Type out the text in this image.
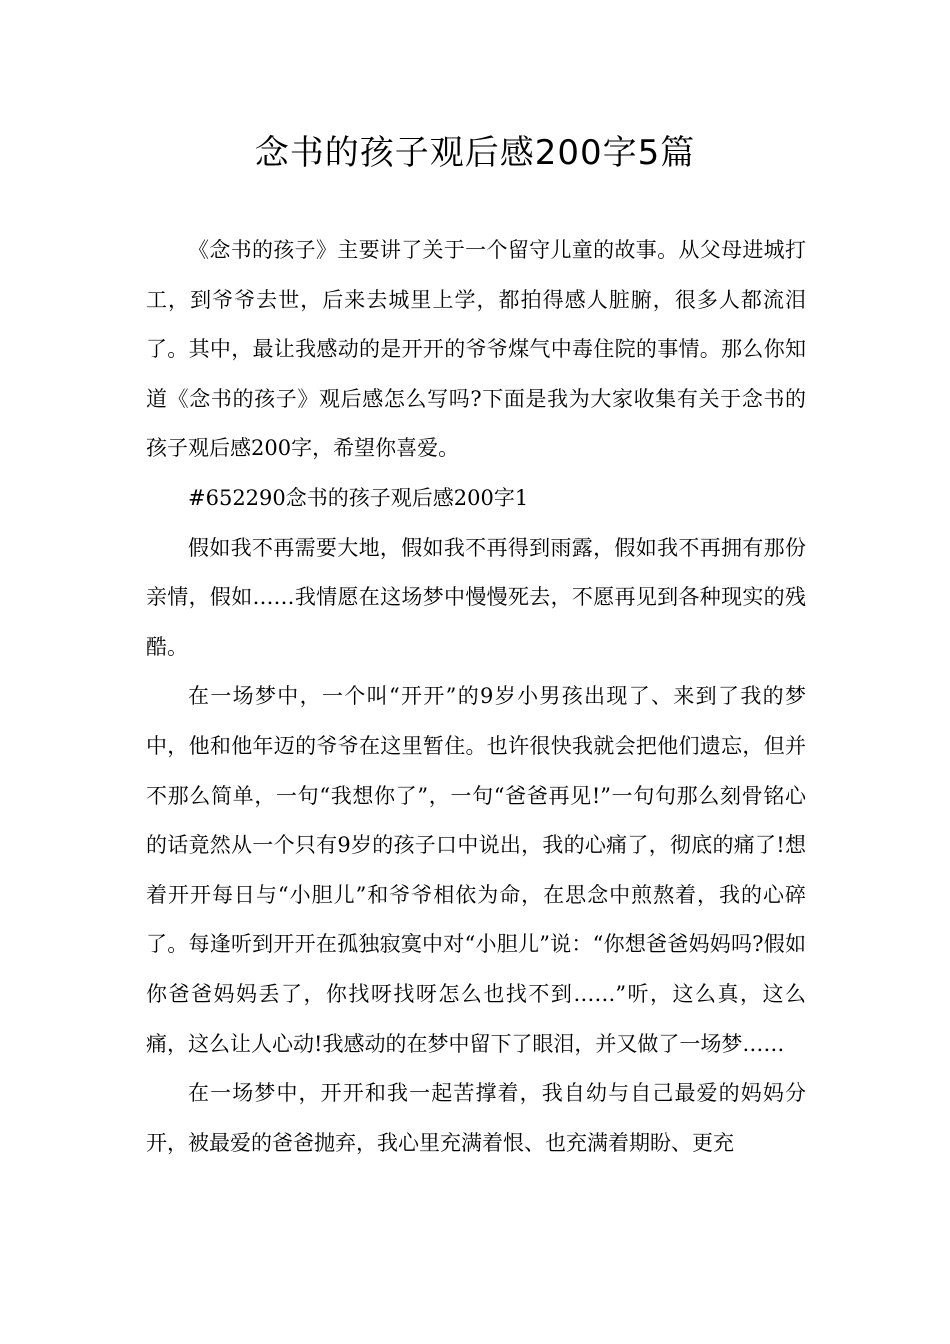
念书的孩子观后感200字5篇

《念书的孩子》主要讲了关于一个留守儿童的故事。从父母进城打工，到爷爷去世，后来去城里上学，都拍得感人脏腑，很多人都流泪了。其中，最让我感动的是开开的爷爷煤气中毒住院的事情。那么你知道《念书的孩子》观后感怎么写吗?下面是我为大家收集有关于念书的孩子观后感200字，希望你喜爱。

#652290念书的孩子观后感200字1

假如我不再需要大地，假如我不再得到雨露，假如我不再拥有那份亲情，假如……我情愿在这场梦中慢慢死去，不愿再见到各种现实的残酷。

在一场梦中，一个叫“开开”的9岁小男孩出现了、来到了我的梦中，他和他年迈的爷爷在这里暂住。也许很快我就会把他们遗忘，但并不那么简单，一句“我想你了”，一句“爸爸再见!”一句句那么刻骨铭心的话竟然从一个只有9岁的孩子口中说出，我的心痛了，彻底的痛了!想着开开每日与“小胆儿”和爷爷相依为命，在思念中煎熬着，我的心碎了。每逢听到开开在孤独寂寞中对“小胆儿”说：“你想爸爸妈妈吗?假如你爸爸妈妈丢了，你找呀找呀怎么也找不到……”听，这么真，这么痛，这么让人心动!我感动的在梦中留下了眼泪，并又做了一场梦……

在一场梦中，开开和我一起苦撑着，我自幼与自己最爱的妈妈分开，被最爱的爸爸抛弃，我心里充满着恨、也充满着期盼、更充
